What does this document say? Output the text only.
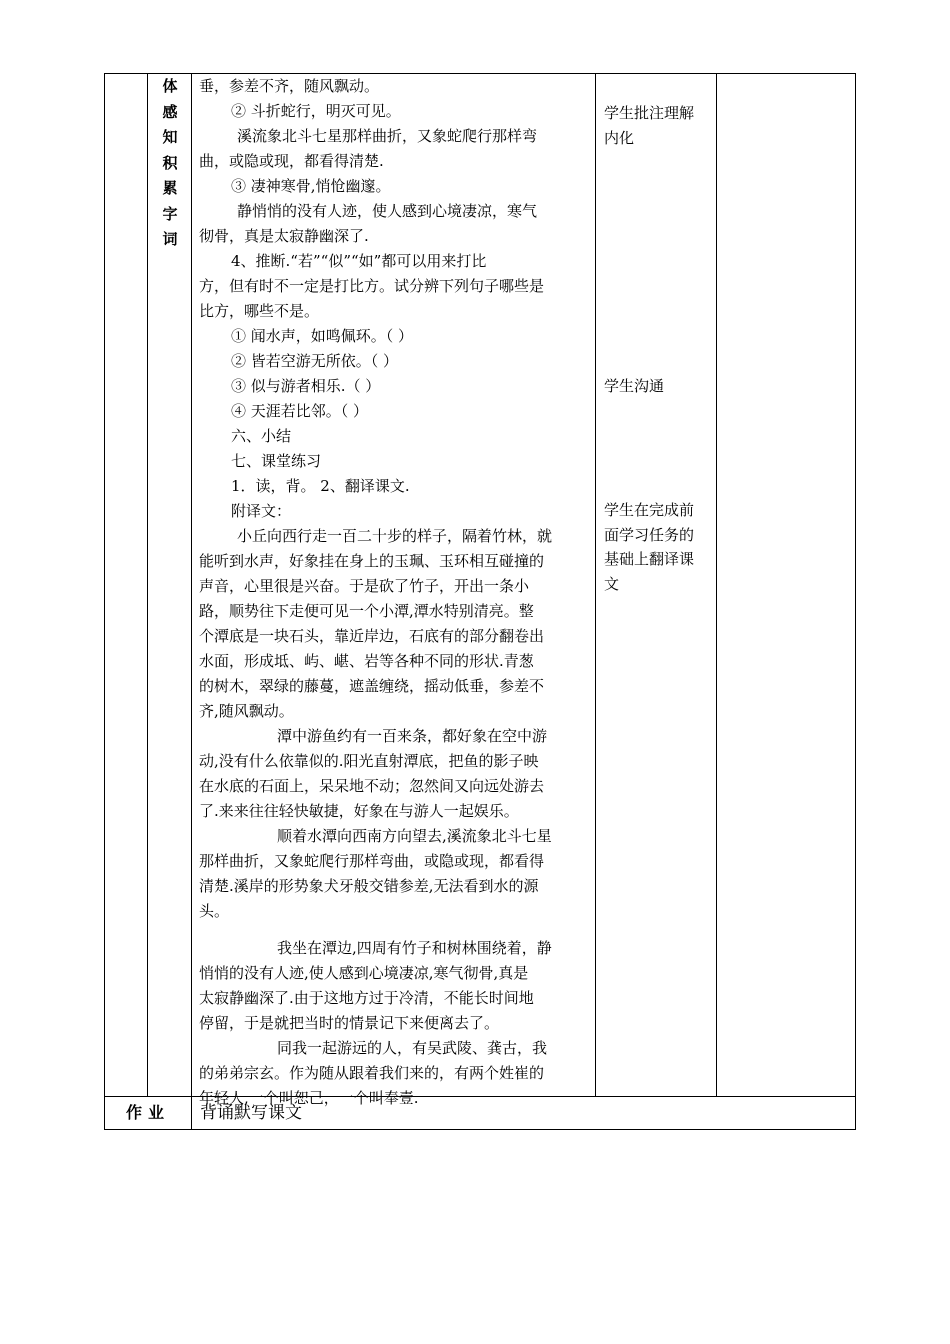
体
感
知
积
累
字
词

垂，参差不齐，随风飘动。

② 斗折蛇行，明灭可见。

溪流象北斗七星那样曲折，又象蛇爬行那样弯

曲，或隐或现，都看得清楚.

③ 凄神寒骨,悄怆幽邃。

静悄悄的没有人迹，使人感到心境凄凉，寒气

彻骨，真是太寂静幽深了.

4、推断.“若”“似”“如”都可以用来打比

方，但有时不一定是打比方。试分辨下列句子哪些是

比方，哪些不是。

① 闻水声，如鸣佩环。（ ）

② 皆若空游无所依。（ ）

③ 似与游者相乐.（ ）

④ 天涯若比邻。（ ）

六、小结

七、课堂练习

1．读，背。 2、翻译课文.

附译文：

小丘向西行走一百二十步的样子，隔着竹林，就

能听到水声，好象挂在身上的玉珮、玉环相互碰撞的

声音，心里很是兴奋。于是砍了竹子，开出一条小

路，顺势往下走便可见一个小潭,潭水特别清亮。整

个潭底是一块石头，靠近岸边，石底有的部分翻卷出

水面，形成坻、屿、嵁、岩等各种不同的形状.青葱

的树木，翠绿的藤蔓，遮盖缠绕，摇动低垂，参差不

齐,随风飘动。

潭中游鱼约有一百来条，都好象在空中游

动,没有什么依靠似的.阳光直射潭底，把鱼的影子映

在水底的石面上，呆呆地不动；忽然间又向远处游去

了.来来往往轻快敏捷，好象在与游人一起娱乐。

顺着水潭向西南方向望去,溪流象北斗七星

那样曲折，又象蛇爬行那样弯曲，或隐或现，都看得

清楚.溪岸的形势象犬牙般交错参差,无法看到水的源

头。

我坐在潭边,四周有竹子和树林围绕着，静

悄悄的没有人迹,使人感到心境凄凉,寒气彻骨,真是

太寂静幽深了.由于这地方过于冷清，不能长时间地

停留，于是就把当时的情景记下来便离去了。

同我一起游远的人，有吴武陵、龚古，我

的弟弟宗玄。作为随从跟着我们来的，有两个姓崔的

年轻人,一个叫恕己，一个叫奉壹.

学生批注理解
内化
学生沟通
学生在完成前
面学习任务的
基础上翻译课
文
作业	背诵默写课文
